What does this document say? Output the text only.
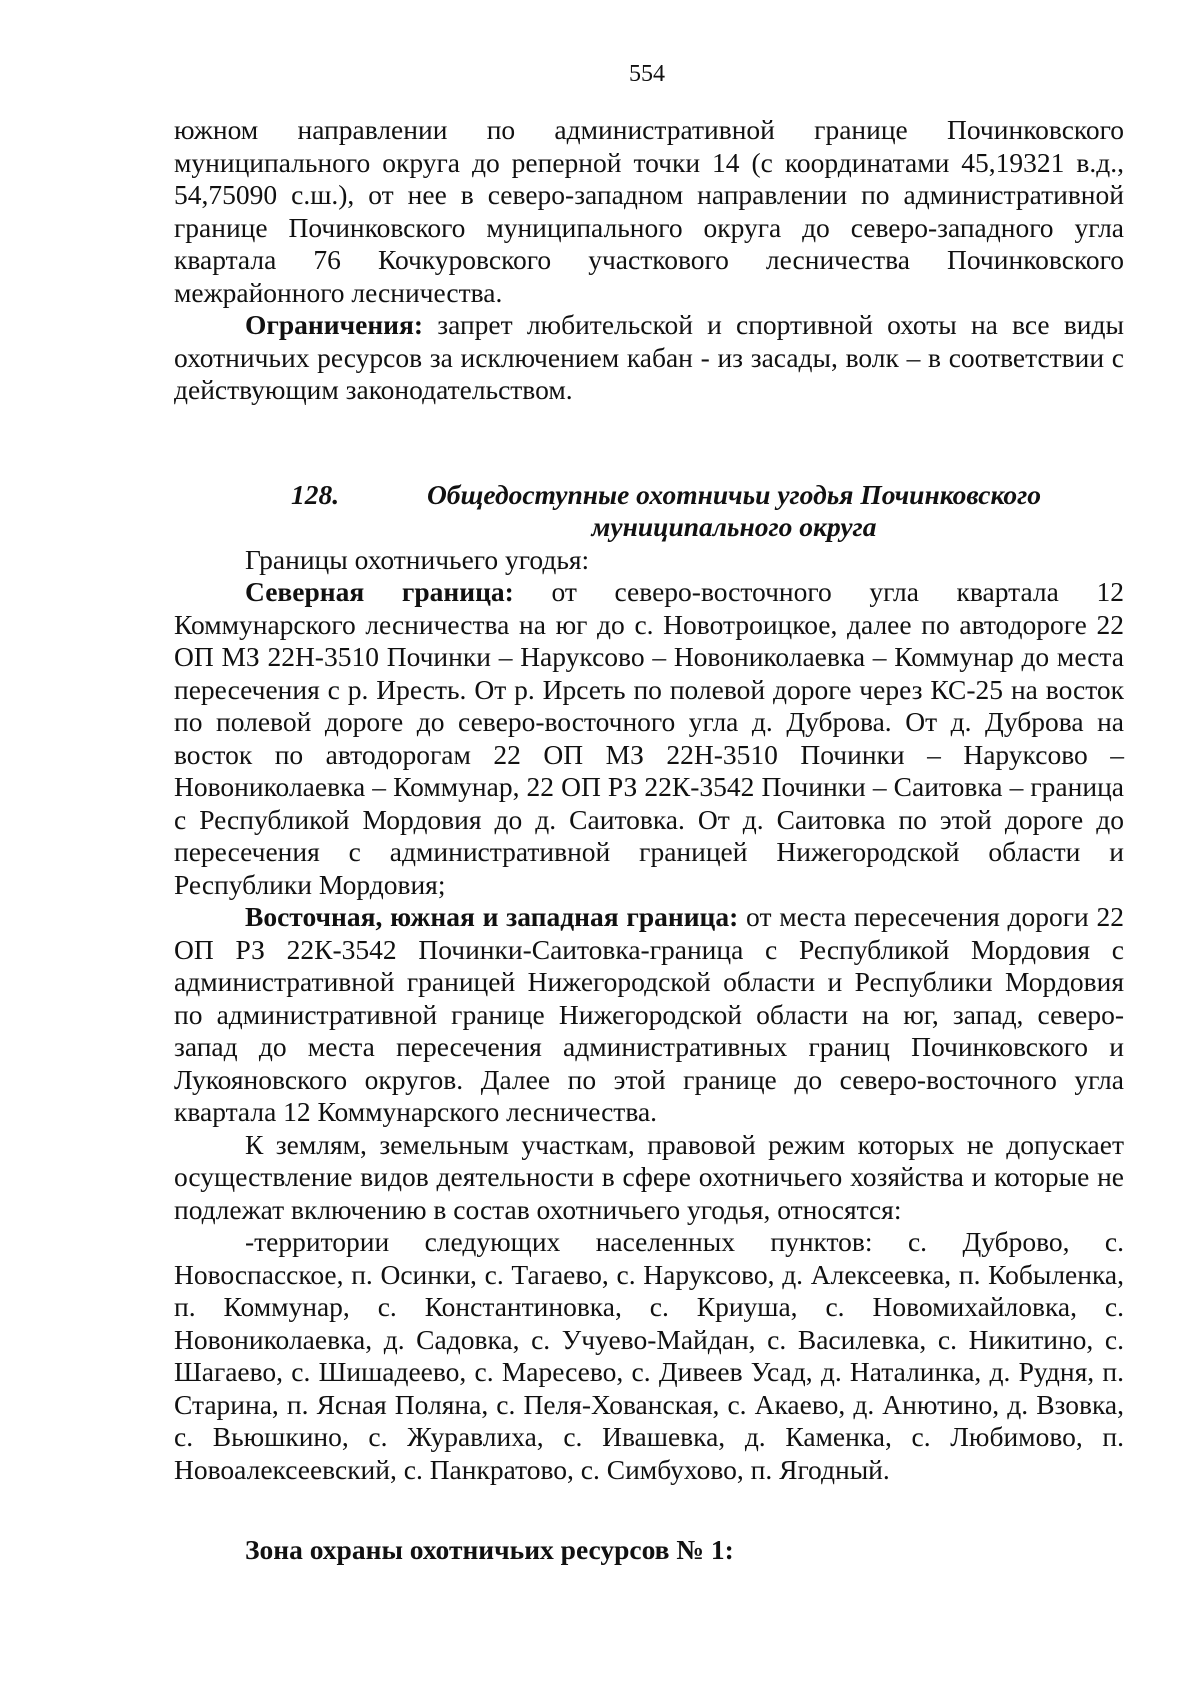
554

южном направлении по административной границе Починковского муниципального округа до реперной точки 14 (с координатами 45,19321 в.д., 54,75090 с.ш.), от нее в северо-западном направлении по административной границе Починковского муниципального округа до северо-западного угла квартала 76 Кочкуровского участкового лесничества Починковского межрайонного лесничества.

Ограничения: запрет любительской и спортивной охоты на все виды охотничьих ресурсов за исключением кабан - из засады, волк – в соответствии с действующим законодательством.

128.	Общедоступные охотничьи угодья Починковского муниципального округа

Границы охотничьего угодья:

Северная граница: от северо-восточного угла квартала 12 Коммунарского лесничества на юг до с. Новотроицкое, далее по автодороге 22 ОП МЗ 22Н-3510 Починки – Наруксово – Новониколаевка – Коммунар до места пересечения с р. Иресть. От р. Ирсеть по полевой дороге через КС-25 на восток по полевой дороге до северо-восточного угла д. Дуброва. От д. Дуброва на восток по автодорогам 22 ОП МЗ 22Н-3510 Починки – Наруксово – Новониколаевка – Коммунар, 22 ОП РЗ 22К-3542 Починки – Саитовка – граница с Республикой Мордовия до д. Саитовка. От д. Саитовка по этой дороге до пересечения с административной границей Нижегородской области и Республики Мордовия;

Восточная, южная и западная граница: от места пересечения дороги 22 ОП РЗ 22К-3542 Починки-Саитовка-граница с Республикой Мордовия с административной границей Нижегородской области и Республики Мордовия по административной границе Нижегородской области на юг, запад, северо-запад до места пересечения административных границ Починковского и Лукояновского округов. Далее по этой границе до северо-восточного угла квартала 12 Коммунарского лесничества.

К землям, земельным участкам, правовой режим которых не допускает осуществление видов деятельности в сфере охотничьего хозяйства и которые не подлежат включению в состав охотничьего угодья, относятся:

-территории следующих населенных пунктов: с. Дуброво, с. Новоспасское, п. Осинки, с. Тагаево, с. Наруксово, д. Алексеевка, п. Кобыленка, п. Коммунар, с. Константиновка, с. Криуша, с. Новомихайловка, с. Новониколаевка, д. Садовка, с. Учуево-Майдан, с. Василевка, с. Никитино, с. Шагаево, с. Шишадеево, с. Маресево, с. Дивеев Усад, д. Наталинка, д. Рудня, п. Старина, п. Ясная Поляна, с. Пеля-Хованская, с. Акаево, д. Анютино, д. Взовка, с. Вьюшкино, с. Журавлиха, с. Ивашевка, д. Каменка, с. Любимово, п. Новоалексеевский, с. Панкратово, с. Симбухово, п. Ягодный.

Зона охраны охотничьих ресурсов № 1:
